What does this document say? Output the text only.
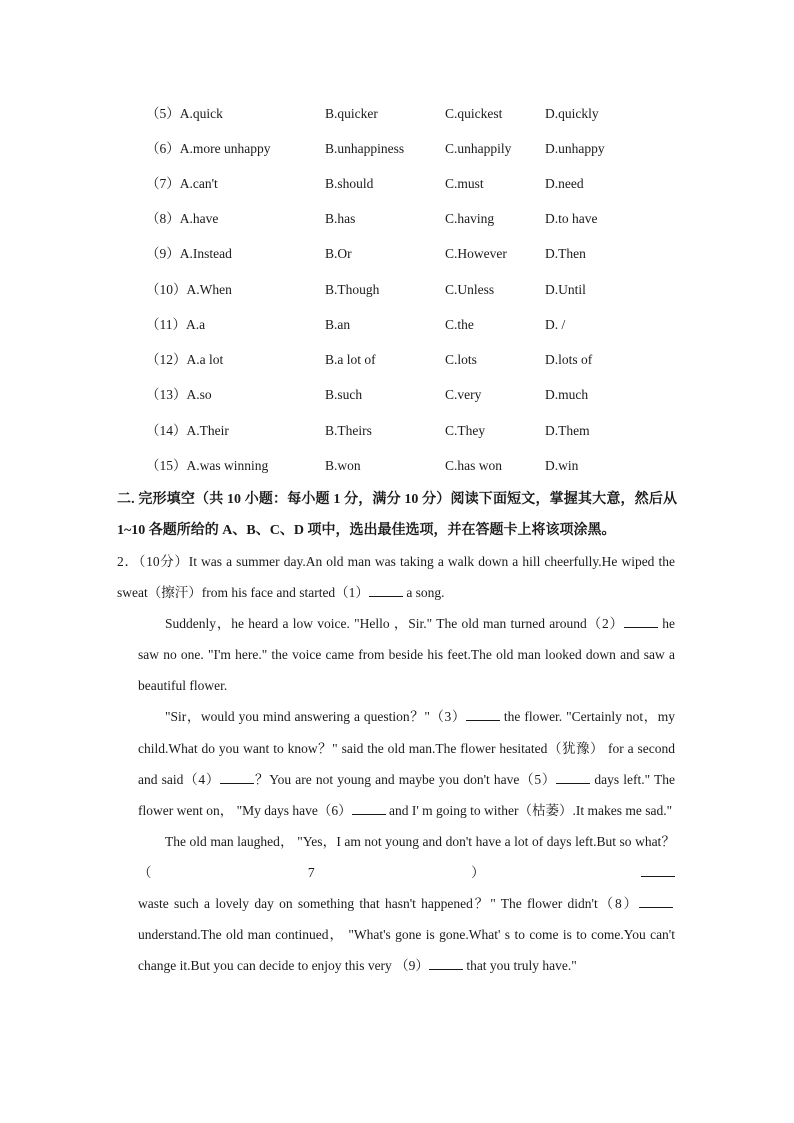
（5）A.quick	B.quicker	C.quickest	D.quickly
（6）A.more unhappy	B.unhappiness	C.unhappily D.unhappy
（7）A.can't	B.should	C.must	D.need
（8）A.have	B.has	C.having	D.to have
（9）A.Instead	B.Or	C.However	D.Then
（10）A.When	B.Though	C.Unless	D.Until
（11）A.a	B.an	C.the	D. /
（12）A.a lot	B.a lot of	C.lots	D.lots of
（13）A.so	B.such	C.very	D.much
（14）A.Their	B.Theirs	C.They	D.Them
（15）A.was winning	B.won	C.has won	D.win

二. 完形填空（共 10 小题：每小题 1 分，满分 10 分）阅读下面短文，掌握其大意，然后从 1~10 各题所给的 A、B、C、D 项中，选出最佳选项，并在答题卡上将该项涂黑。

2．（10分）It was a summer day.An old man was taking a walk down a hill cheerfully.He wiped the sweat（擦汗）from his face and started（1）	a song.

Suddenly，he heard a low voice. "Hello ，Sir." The old man turned around（2）	he saw no one. "I'm here." the voice came from beside his feet.The old man looked down and saw a beautiful flower.

"Sir，would you mind answering a question？"（3）	the flower. "Certainly not，my child.What do you want to know？" said the old man.The flower hesitated（犹豫） for a second and said（4）	？You are not young and maybe you don't have（5）	days left." The flower went on， "My days have（6）	and I' m going to wither（枯萎）.It makes me sad."

The old man laughed， "Yes，I am not young and don't have a lot of days left.But so what？（7） waste such a lovely day on something that hasn't happened？" The flower didn't（8） understand.The old man continued， "What's gone is gone.What' s to come is to come.You can't change it.But you can decide to enjoy this very （9）	that you truly have."
